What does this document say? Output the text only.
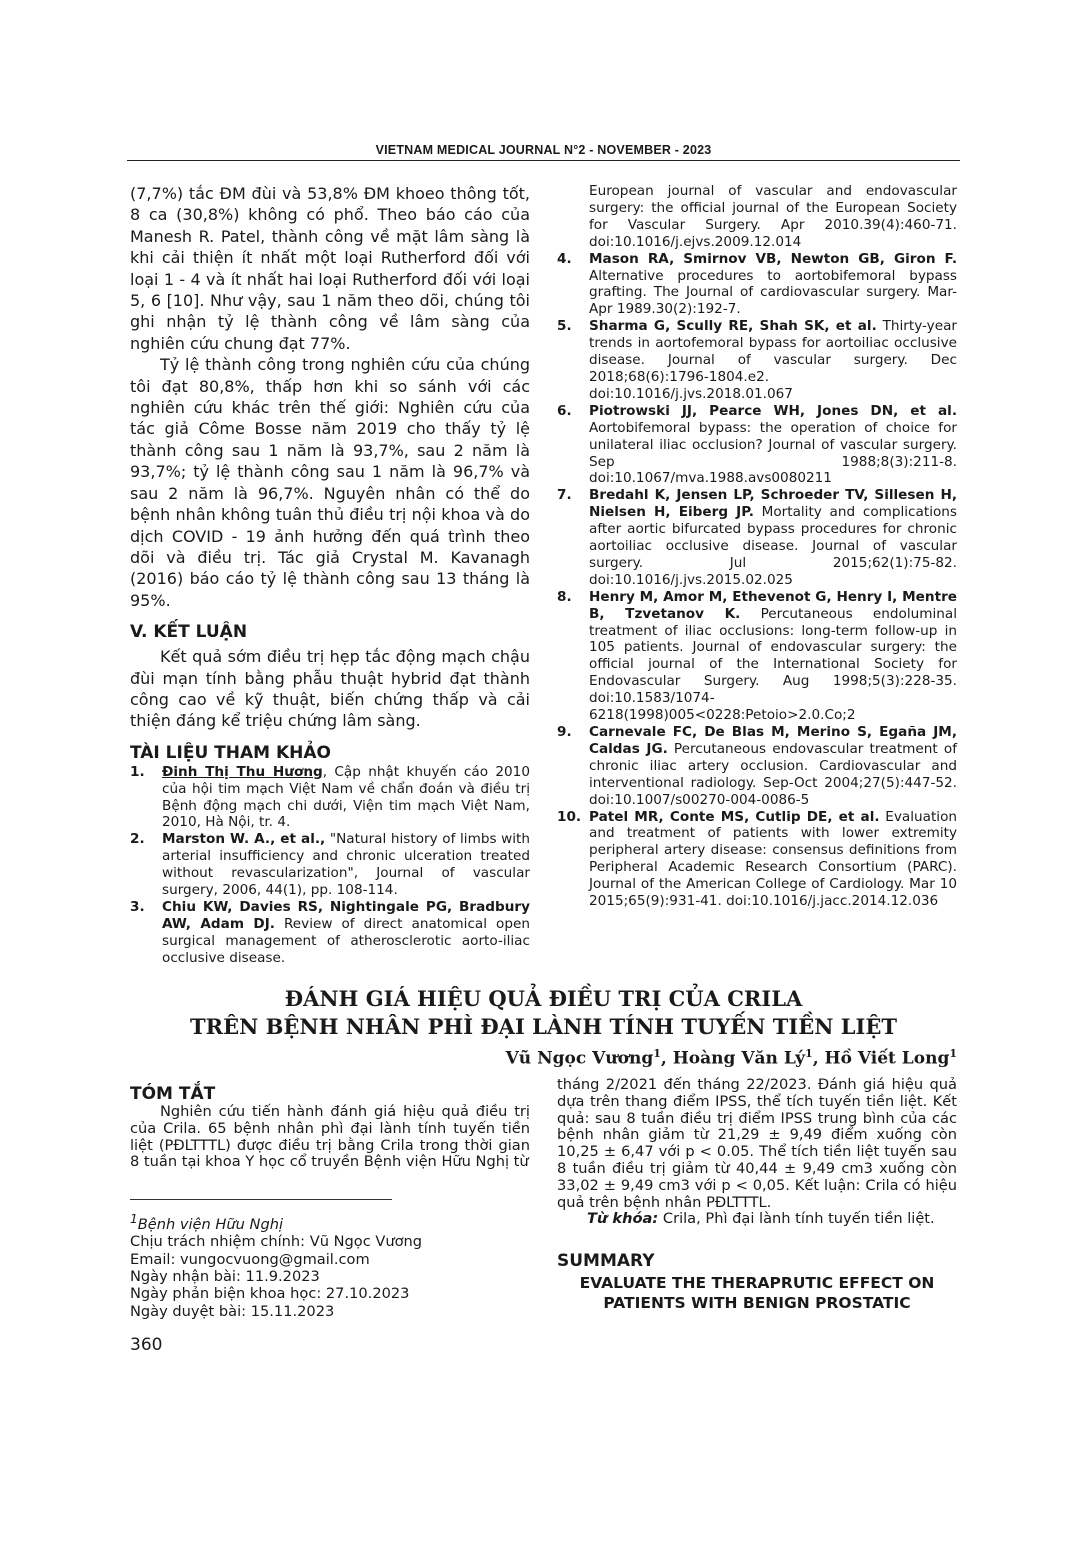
VIETNAM MEDICAL JOURNAL N°2 - NOVEMBER - 2023

(7,7%) tắc ĐM đùi và 53,8% ĐM khoeo thông tốt, 8 ca (30,8%) không có phổ. Theo báo cáo của Manesh R. Patel, thành công về mặt lâm sàng là khi cải thiện ít nhất một loại Rutherford đối với loại 1 - 4 và ít nhất hai loại Rutherford đối với loại 5, 6 [10]. Như vậy, sau 1 năm theo dõi, chúng tôi ghi nhận tỷ lệ thành công về lâm sàng của nghiên cứu chung đạt 77%.

Tỷ lệ thành công trong nghiên cứu của chúng tôi đạt 80,8%, thấp hơn khi so sánh với các nghiên cứu khác trên thế giới: Nghiên cứu của tác giả Côme Bosse năm 2019 cho thấy tỷ lệ thành công sau 1 năm là 93,7%, sau 2 năm là 93,7%; tỷ lệ thành công sau 1 năm là 96,7% và sau 2 năm là 96,7%. Nguyên nhân có thể do bệnh nhân không tuân thủ điều trị nội khoa và do dịch COVID - 19 ảnh hưởng đến quá trình theo dõi và điều trị. Tác giả Crystal M. Kavanagh (2016) báo cáo tỷ lệ thành công sau 13 tháng là 95%.

V. KẾT LUẬN

Kết quả sớm điều trị hẹp tắc động mạch chậu đùi mạn tính bằng phẫu thuật hybrid đạt thành công cao về kỹ thuật, biến chứng thấp và cải thiện đáng kể triệu chứng lâm sàng.

TÀI LIỆU THAM KHẢO

1. Đinh Thị Thu Hương, Cập nhật khuyến cáo 2010 của hội tim mạch Việt Nam về chẩn đoán và điều trị Bệnh động mạch chi dưới, Viện tim mạch Việt Nam, 2010, Hà Nội, tr. 4.
2. Marston W. A., et al., "Natural history of limbs with arterial insufficiency and chronic ulceration treated without revascularization", Journal of vascular surgery, 2006, 44(1), pp. 108-114.
3. Chiu KW, Davies RS, Nightingale PG, Bradbury AW, Adam DJ. Review of direct anatomical open surgical management of atherosclerotic aorto-iliac occlusive disease.
European journal of vascular and endovascular surgery: the official journal of the European Society for Vascular Surgery. Apr 2010.39(4):460-71. doi:10.1016/j.ejvs.2009.12.014
4. Mason RA, Smirnov VB, Newton GB, Giron F. Alternative procedures to aortobifemoral bypass grafting. The Journal of cardiovascular surgery. Mar- Apr 1989.30(2):192-7.
5. Sharma G, Scully RE, Shah SK, et al. Thirty-year trends in aortofemoral bypass for aortoiliac occlusive disease. Journal of vascular surgery. Dec 2018;68(6):1796-1804.e2. doi:10.1016/j.jvs.2018.01.067
6. Piotrowski JJ, Pearce WH, Jones DN, et al. Aortobifemoral bypass: the operation of choice for unilateral iliac occlusion? Journal of vascular surgery. Sep 1988;8(3):211-8. doi:10.1067/mva.1988.avs0080211
7. Bredahl K, Jensen LP, Schroeder TV, Sillesen H, Nielsen H, Eiberg JP. Mortality and complications after aortic bifurcated bypass procedures for chronic aortoiliac occlusive disease. Journal of vascular surgery. Jul 2015;62(1):75-82. doi:10.1016/j.jvs.2015.02.025
8. Henry M, Amor M, Ethevenot G, Henry I, Mentre B, Tzvetanov K. Percutaneous endoluminal treatment of iliac occlusions: long-term follow-up in 105 patients. Journal of endovascular surgery: the official journal of the International Society for Endovascular Surgery. Aug 1998;5(3):228-35. doi:10.1583/1074-6218(1998)005<0228:Petoio>2.0.Co;2
9. Carnevale FC, De Blas M, Merino S, Egaña JM, Caldas JG. Percutaneous endovascular treatment of chronic iliac artery occlusion. Cardiovascular and interventional radiology. Sep-Oct 2004;27(5):447-52. doi:10.1007/s00270-004-0086-5
10. Patel MR, Conte MS, Cutlip DE, et al. Evaluation and treatment of patients with lower extremity peripheral artery disease: consensus definitions from Peripheral Academic Research Consortium (PARC). Journal of the American College of Cardiology. Mar 10 2015;65(9):931-41. doi:10.1016/j.jacc.2014.12.036
ĐÁNH GIÁ HIỆU QUẢ ĐIỀU TRỊ CỦA CRILA
TRÊN BỆNH NHÂN PHÌ ĐẠI LÀNH TÍNH TUYẾN TIỀN LIỆT
Vũ Ngọc Vương$^1$, Hoàng Văn $Lý^1$, Hồ Viết Long$^1$
TÓM TẮT

Nghiên cứu tiến hành đánh giá hiệu quả điều trị của Crila. 65 bệnh nhân phì đại lành tính tuyến tiền liệt (PĐLTTTL) được điều trị bằng Crila trong thời gian 8 tuần tại khoa Y học cổ truyền Bệnh viện Hữu Nghị từ

tháng 2/2021 đến tháng 22/2023. Đánh giá hiệu quả dựa trên thang điểm IPSS, thể tích tuyến tiền liệt. Kết quả: sau 8 tuần điều trị điểm IPSS trung bình của các bệnh nhân giảm từ 21,29 ± 9,49 điểm xuống còn 10,25 ± 6,47 với p < 0.05. Thể tích tiền liệt tuyến sau 8 tuần điều trị giảm từ 40,44 ± 9,49 cm3 xuống còn 33,02 ± 9,49 cm3 với p < 0,05. Kết luận: Crila có hiệu quả trên bệnh nhân PĐLTTTL.

Từ khóa: Crila, Phì đại lành tính tuyến tiền liệt.

$^1$Bệnh viện Hữu Nghị

Chịu trách nhiệm chính: Vũ Ngọc Vương

Email: vungocvuong@gmail.com

Ngày nhận bài: 11.9.2023

Ngày phản biện khoa học: 27.10.2023

Ngày duyệt bài: 15.11.2023

SUMMARY
EVALUATE THE THERAPRUTIC EFFECT ON
PATIENTS WITH BENIGN PROSTATIC
360
